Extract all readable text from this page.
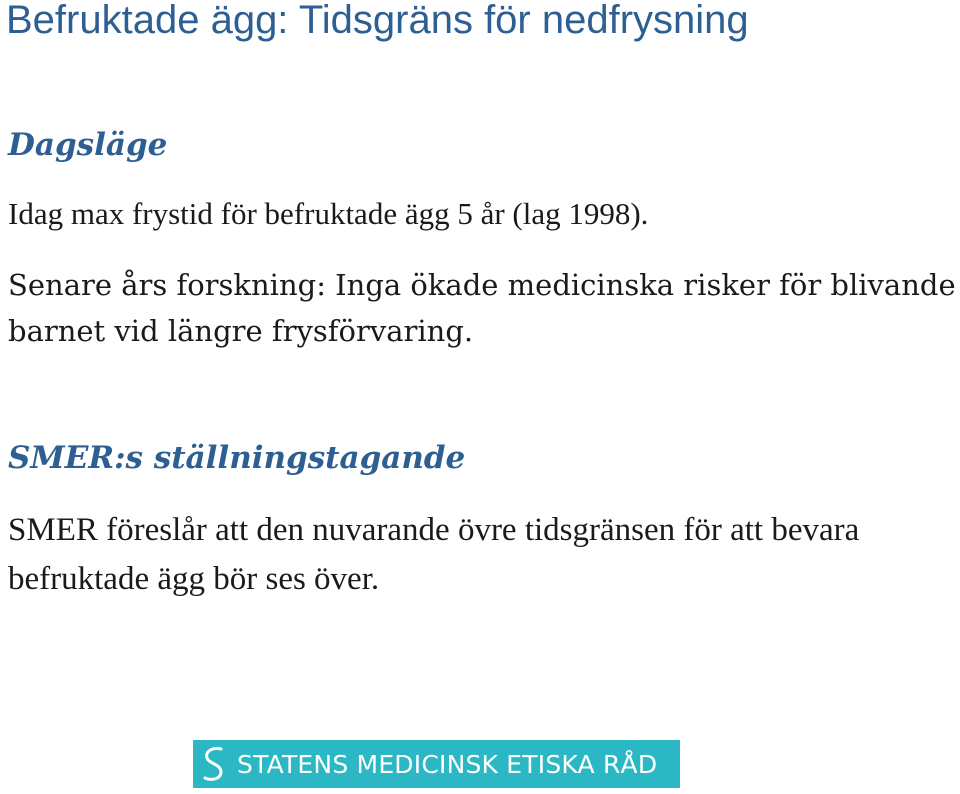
Befruktade ägg: Tidsgräns för nedfrysning
Dagsläge

Idag max frystid för befruktade ägg 5 år (lag 1998).

Senare års forskning: Inga ökade medicinska risker för blivande barnet vid längre frysförvaring.

SMER:s ställningstagande

SMER föreslår att den nuvarande övre tidsgränsen för att bevara befruktade ägg bör ses över.

STATENS MEDICINSK ETISKA RÅD
